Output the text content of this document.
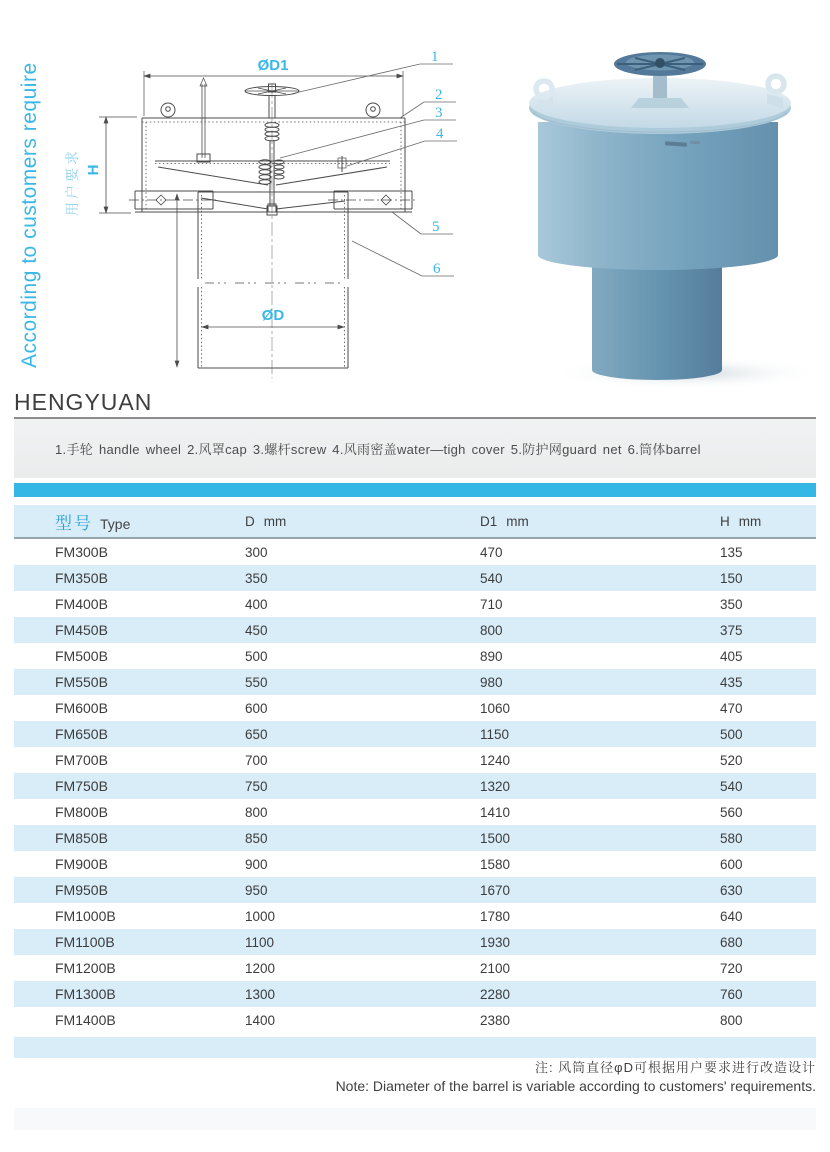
According to customers require 用户要求
ØD1
ØD
H
1
2
3
4
5
6
HENGYUAN
1.手轮 handle wheel 2.风罩cap 3.螺杆screw 4.风雨密盖water—tigh cover 5.防护网guard net 6.筒体barrel
型号 Type	D mm	D1 mm	H mm
FM300B	300	470	135
FM350B	350	540	150
FM400B	400	710	350
FM450B	450	800	375
FM500B	500	890	405
FM550B	550	980	435
FM600B	600	1060	470
FM650B	650	1150	500
FM700B	700	1240	520
FM750B	750	1320	540
FM800B	800	1410	560
FM850B	850	1500	580
FM900B	900	1580	600
FM950B	950	1670	630
FM1000B	1000	1780	640
FM1100B	1100	1930	680
FM1200B	1200	2100	720
FM1300B	1300	2280	760
FM1400B	1400	2380	800
注: 风筒直径φD可根据用户要求进行改造设计
Note: Diameter of the barrel is variable according to customers' requirements.
